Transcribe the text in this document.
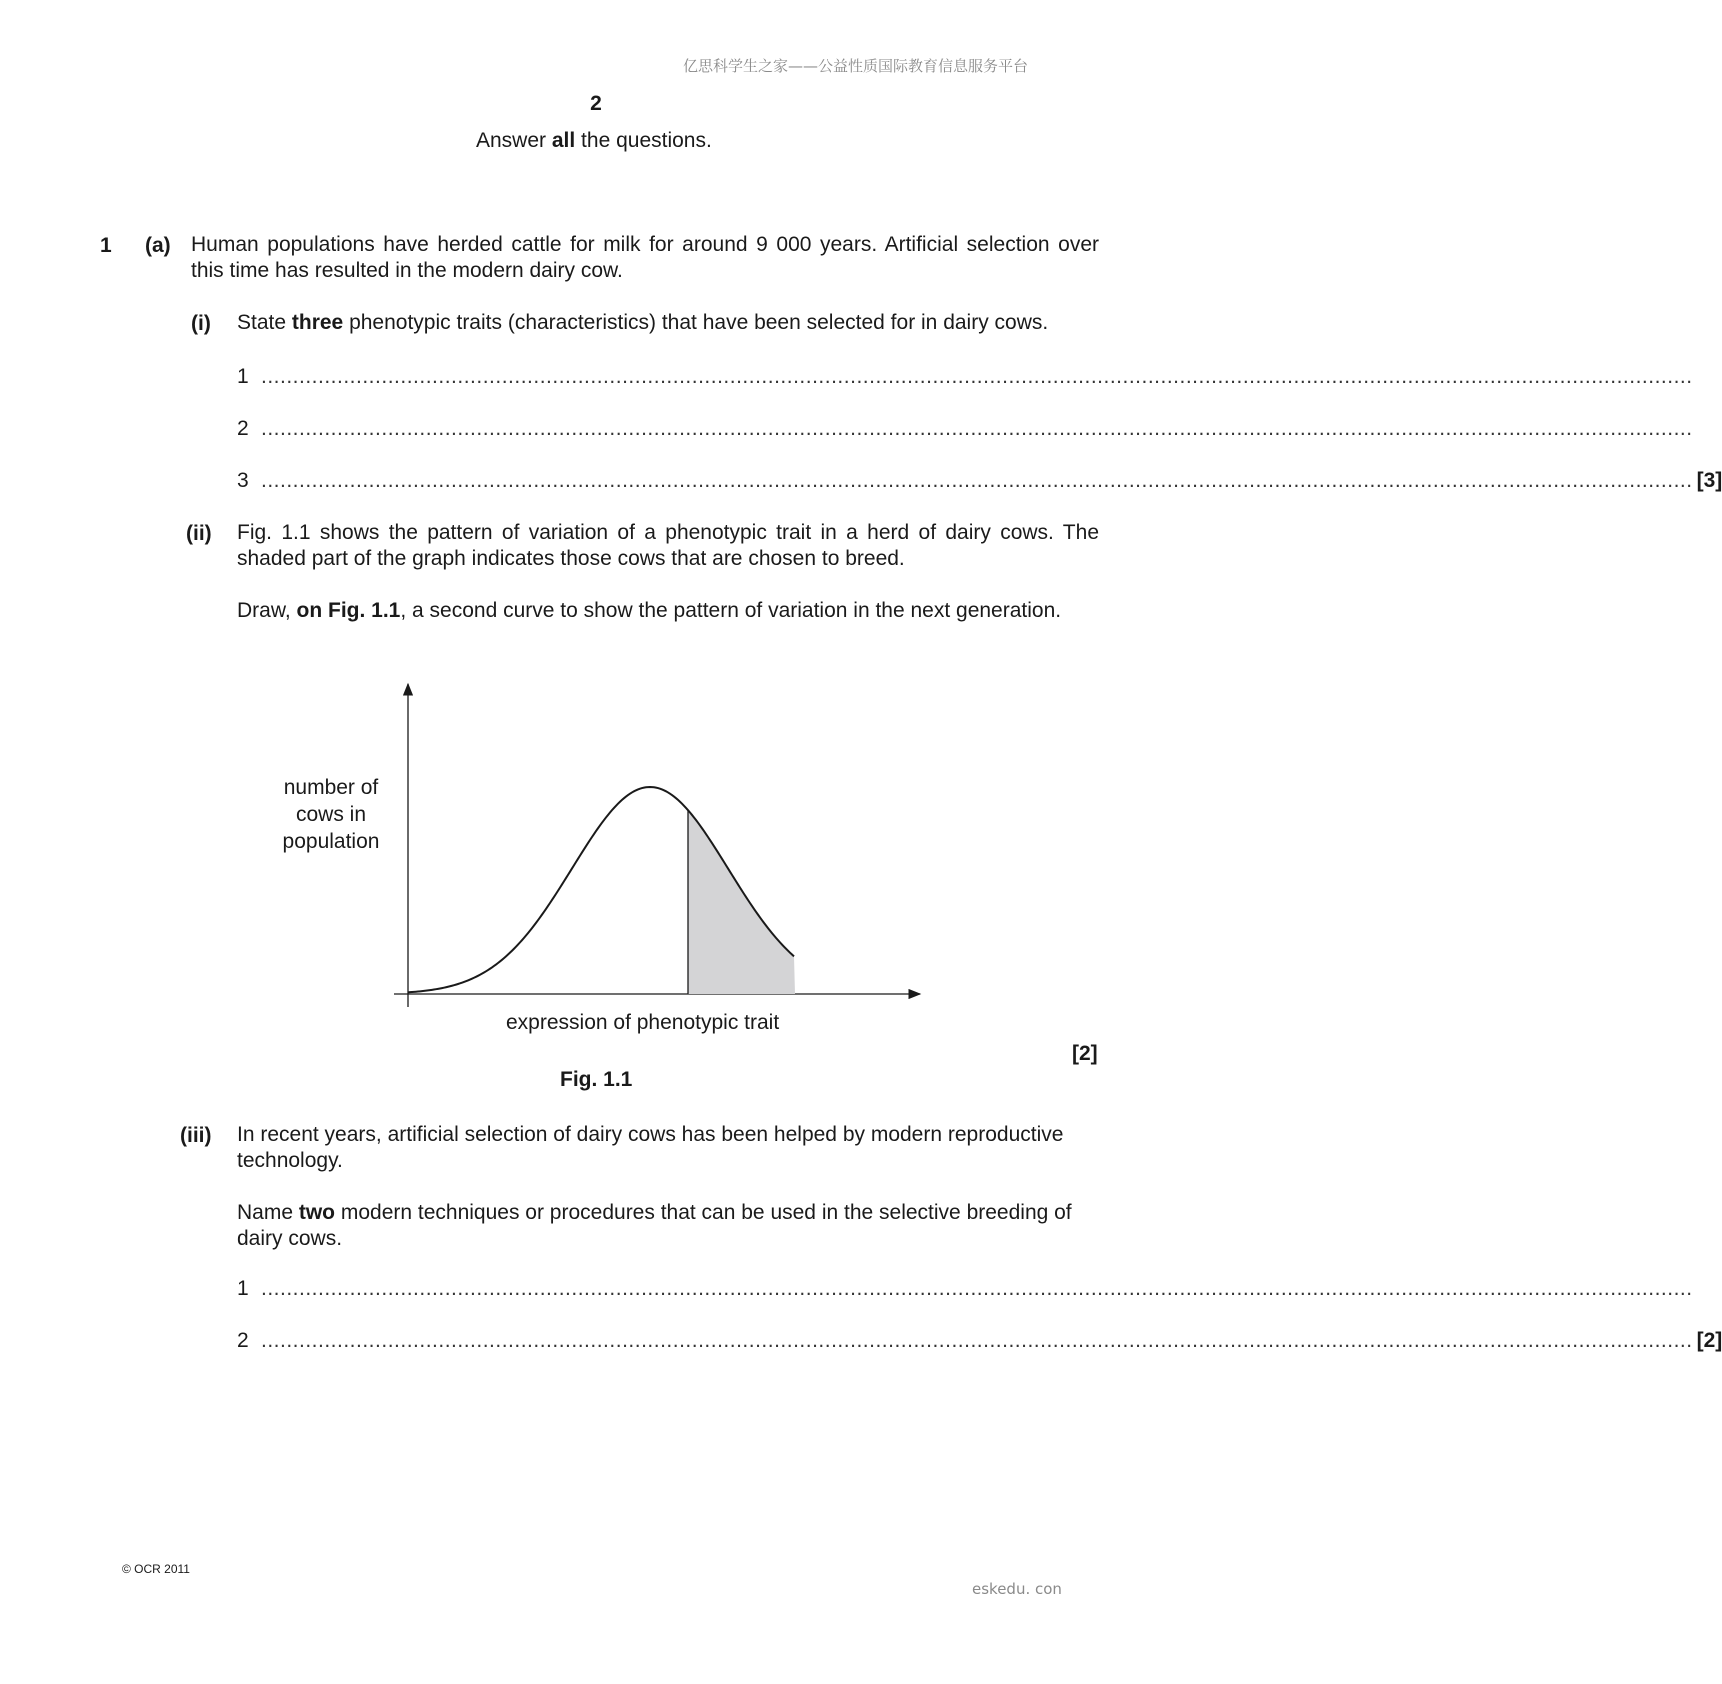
亿思科学生之家——公益性质国际教育信息服务平台
2
Answer all the questions.
1 (a) Human populations have herded cattle for milk for around 9 000 years. Artificial selection over this time has resulted in the modern dairy cow.
(i) State three phenotypic traits (characteristics) that have been selected for in dairy cows.
1 ..................................................................................................................................................................................................................................
2 ..................................................................................................................................................................................................................................
3 .................................................................................................................................................................................................................................. [3]
(ii) Fig. 1.1 shows the pattern of variation of a phenotypic trait in a herd of dairy cows. The shaded part of the graph indicates those cows that are chosen to breed.
Draw, on Fig. 1.1, a second curve to show the pattern of variation in the next generation.
number of
cows in
population
expression of phenotypic trait
[2]
Fig. 1.1
(iii) In recent years, artificial selection of dairy cows has been helped by modern reproductive technology.
Name two modern techniques or procedures that can be used in the selective breeding of dairy cows.
1 ..................................................................................................................................................................................................................................
2 .................................................................................................................................................................................................................................. [2]
© OCR 2011
eskedu. con
